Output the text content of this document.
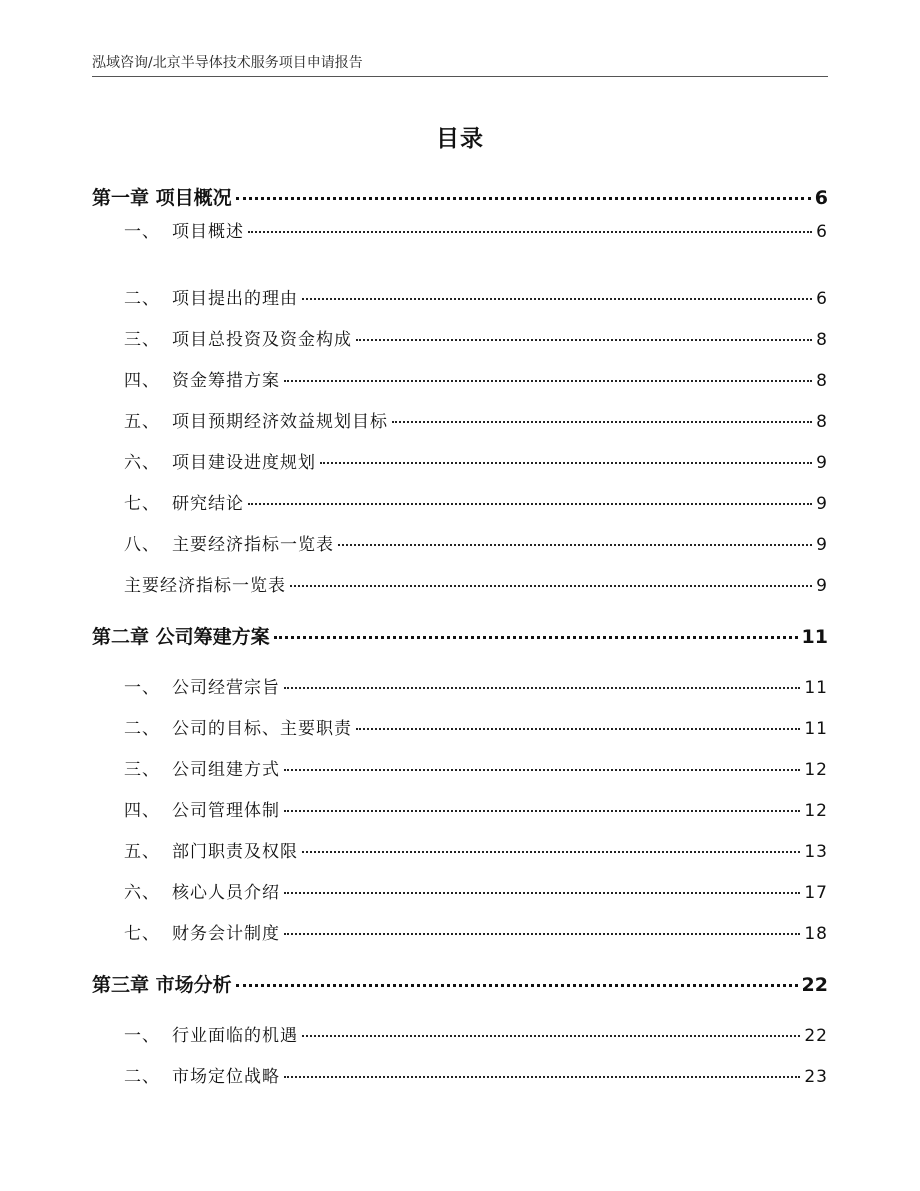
泓域咨询/北京半导体技术服务项目申请报告
目录
第一章 项目概况	6
一、 项目概述	6
二、 项目提出的理由	6
三、 项目总投资及资金构成	8
四、 资金筹措方案	8
五、 项目预期经济效益规划目标	8
六、 项目建设进度规划	9
七、 研究结论	9
八、 主要经济指标一览表	9
主要经济指标一览表	9
第二章 公司筹建方案	11
一、 公司经营宗旨	11
二、 公司的目标、主要职责	11
三、 公司组建方式	12
四、 公司管理体制	12
五、 部门职责及权限	13
六、 核心人员介绍	17
七、 财务会计制度	18
第三章 市场分析	22
一、 行业面临的机遇	22
二、 市场定位战略	23
